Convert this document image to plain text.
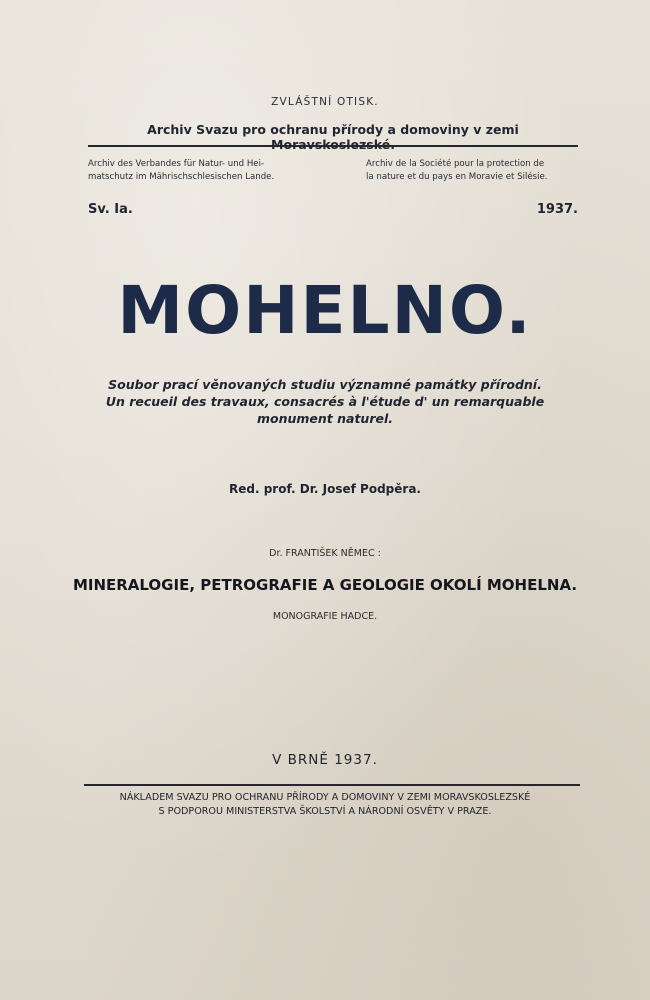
ZVLÁŠTNÍ OTISK.
Archiv Svazu pro ochranu přírody a domoviny v zemi Moravskoslezské.
Archiv des Verbandes für Natur- und Hei-
matschutz im Mährischschlesischen Lande.
Archiv de la Société pour la protection de
la nature et du pays en Moravie et Silésie.
Sv. Ia.	1937.
MOHELNO.
Soubor prací věnovaných studiu významné památky přírodní.
Un recueil des travaux, consacrés à l'étude d' un remarquable
monument naturel.
Red. prof. Dr. Josef Podpěra.
Dr. FRANTIŠEK NĚMEC :
MINERALOGIE, PETROGRAFIE A GEOLOGIE OKOLÍ MOHELNA.
MONOGRAFIE HADCE.
V BRNĚ 1937.
NÁKLADEM SVAZU PRO OCHRANU PŘÍRODY A DOMOVINY V ZEMI MORAVSKOSLEZSKÉ
S PODPOROU MINISTERSTVA ŠKOLSTVÍ A NÁRODNÍ OSVĚTY V PRAZE.
